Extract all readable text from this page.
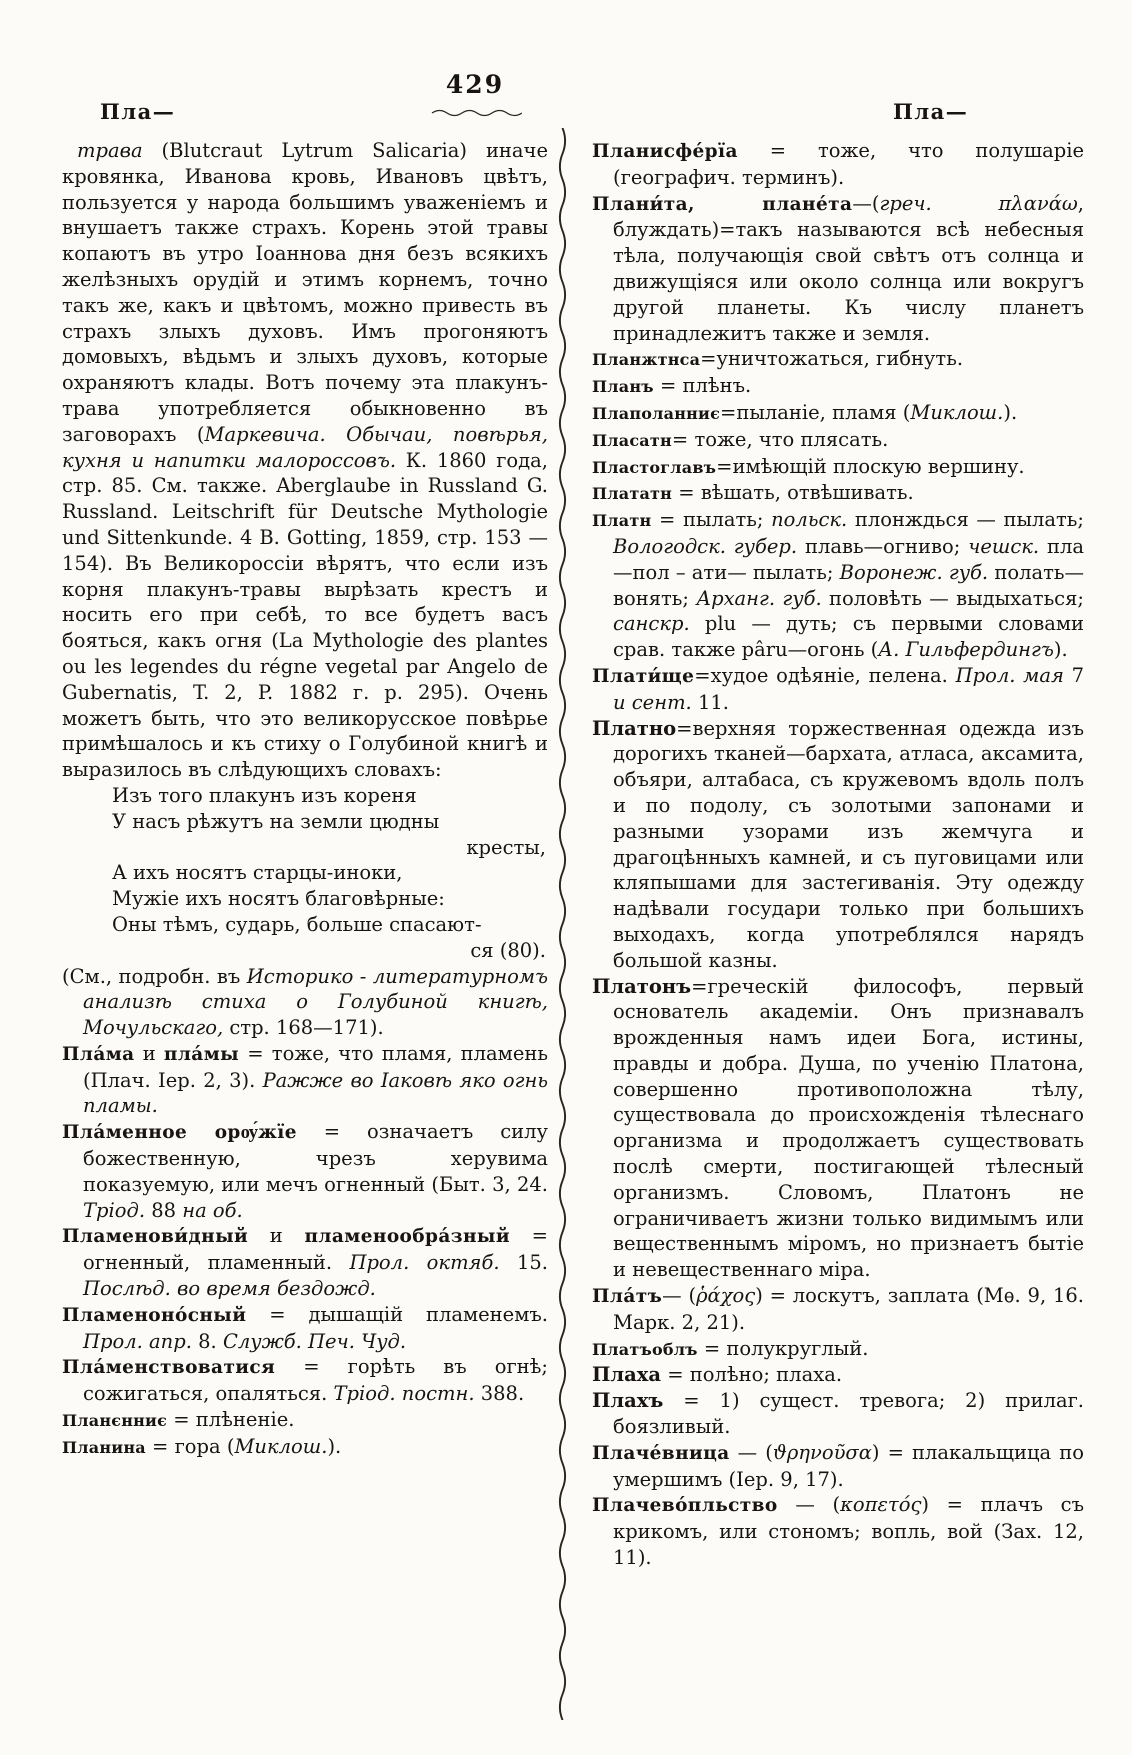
Пла—
429
Пла—

трава (Blutcraut Lytrum Salicaria) иначе кровянка, Иванова кровь, Ивановъ цвѣтъ, пользуется у народа большимъ уваженіемъ и внушаетъ также страхъ. Корень этой травы копаютъ въ утро Іоаннова дня безъ всякихъ желѣзныхъ орудій и этимъ корнемъ, точно такъ же, какъ и цвѣтомъ, можно привесть въ страхъ злыхъ духовъ. Имъ прогоняютъ домовыхъ, вѣдьмъ и злыхъ духовъ, которые охраняютъ клады. Вотъ почему эта плакунъ-трава употребляется обыкновенно въ заговорахъ (Маркевича. Обычаи, повѣрья, кухня и напитки малороссовъ. К. 1860 года, стр. 85. См. также. Aberglaube in Russland G. Russland. Leitschrift für Deutsche Mythologie und Sittenkunde. 4 B. Gotting, 1859, стр. 153 — 154). Въ Великороссіи вѣрятъ, что если изъ корня плакунъ-травы вырѣзать крестъ и носить его при себѣ, то все будетъ васъ бояться, какъ огня (La Mythologie des plantes ou les legendes du régne vegetal par Angelo de Gubernatis, T. 2, P. 1882 г. p. 295). Очень можетъ быть, что это великорусское повѣрье примѣшалось и къ стиху о Голубиной книгѣ и выразилось въ слѣдующихъ словахъ:

Изъ того плакунъ изъ кореня
У насъ рѣжутъ на земли цюдны
кресты,
А ихъ носятъ старцы-иноки,
Мужіе ихъ носятъ благовѣрные:
Оны тѣмъ, сударь, больше спасают-
ся (80).

(См., подробн. въ Историко - литературномъ анализѣ стиха о Голубиной книгѣ, Мочульскаго, стр. 168—171).

Пла́ма и пла́мы = тоже, что пламя, пламень (Плач. Іер. 2, 3). Ражже во Іаковѣ яко огнь пламы.

Пла́менное орѹ́жїе = означаетъ силу божественную, чрезъ херувима показуемую, или мечъ огненный (Быт. 3, 24. Тріод. 88 на об.

Пламенови́дный и пламенообра́зный = огненный, пламенный. Прол. октяб. 15. Послѣд. во время бездожд.

Пламеноно́сный = дышащій пламенемъ. Прол. апр. 8. Служб. Печ. Чуд.

Пла́менствоватися = горѣть въ огнѣ; сожигаться, опаляться. Тріод. постн. 388.

Планєнниє = плѣненіе.

Планина = гора (Миклош.).

Планисфе́рїа = тоже, что полушаріе (географич. терминъ).

Плани́та, плане́та—(греч.	πλανάω, блуждать)=такъ называются всѣ небесныя тѣла, получающія свой свѣтъ отъ солнца и движущіяся или около солнца или вокругъ другой планеты. Къ числу планетъ принадлежитъ также и земля.

Планжтнса=уничтожаться, гибнуть.

Планъ = плѣнъ.

Плаполанниє=пыланіе, пламя (Миклош.).

Пласатн= тоже, что плясать.

Пластоглавъ=имѣющій плоскую вершину.

Плататн = вѣшать, отвѣшивать.

Платн = пылать; польск. плонждься — пылать; Вологодск. губер. плавь—огниво; чешск. пла—пол – ати— пылать; Воронеж. губ. полать—вонять; Арханг. губ. половѣть — выдыхаться; санскр. plu — дуть; съ первыми словами срав. также pâru—огонь (А. Гильфердингъ).

Плати́ще=худое одѣяніе, пелена. Прол. мая 7 и сент. 11.

Платно=верхняя торжественная одежда изъ дорогихъ тканей—бархата, атласа, аксамита, объяри, алтабаса, съ кружевомъ вдоль полъ и по подолу, съ золотыми запонами и разными узорами изъ жемчуга и драгоцѣнныхъ камней, и съ пуговицами или кляпышами для застегиванія. Эту одежду надѣвали государи только при большихъ выходахъ, когда употреблялся нарядъ большой казны.

Платонъ=греческій философъ, первый основатель академіи. Онъ признавалъ врожденныя намъ идеи Бога, истины, правды и добра. Душа, по ученію Платона, совершенно противоположна тѣлу, существовала до происхожденія тѣлеснаго организма и продолжаетъ существовать послѣ смерти, постигающей тѣлесный организмъ. Словомъ, Платонъ не ограничиваетъ жизни только видимымъ или вещественнымъ міромъ, но признаетъ бытіе и невещественнаго міра.

Пла́тъ— (ῥάχος) = лоскутъ, заплата (Мѳ. 9, 16. Марк. 2, 21).

Платъоблъ = полукруглый.

Плаха = полѣно; плаха.

Плахъ = 1) сущест. тревога; 2) прилаг. боязливый.

Плаче́вница — (ϑρηνοῦσα) = плакальщица по умершимъ (Іер. 9, 17).

Плачево́пльство — (κοπετός) = плачъ съ крикомъ, или стономъ; вопль, вой (Зах. 12, 11).
